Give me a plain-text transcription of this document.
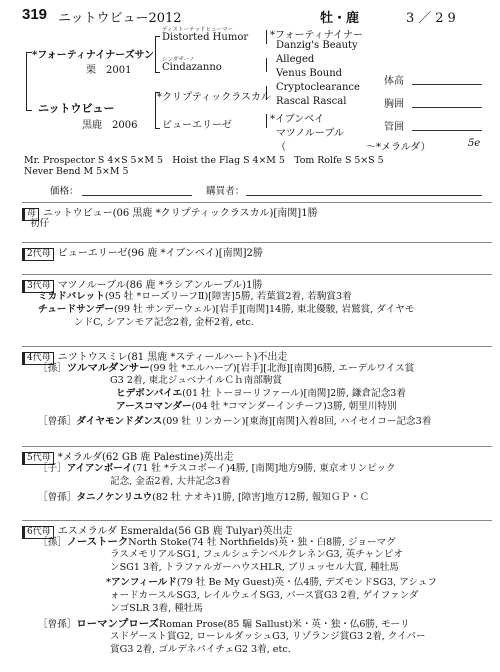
319 ニットウビュー2012	牡・鹿	3／29
*フォーティナイナーズサン
栗　2001
ニットウビュー
黒鹿　2006
ディストーテッドヒューマー
Distorted Humor
シンダザーノ
Cindazanno
*クリプティックラスカル
ビューエリーゼ
*フォーティナイナー
Danzig's Beauty
Alleged
Venus Bound
Cryptoclearance
Rascal Rascal
*イブンベイ
マツノルーブル
（　　　　　　　　～*メラルダ）	5e
体高
胸囲
管囲
Mr. Prospector S 4×S 5×M 5　Hoist the Flag S 4×M 5　Tom Rolfe S 5×S 5
Never Bend M 5×M 5
価格：	購買者：
母 ニットウビュー(06 黒鹿 *クリプティックラスカル)[南関]1勝
初仔
2代母 ビューエリーゼ(96 鹿 *イブンベイ)[南関]2勝
3代母 マツノルーブル(86 鹿 *ラシアンルーブル)1勝
ミカドバレット(95 牡 *ローズリーフⅡ)[障害]5勝, 若葉賞2着, 若駒賞3着
チュードサンデー(99 牡 サンデーウェル)[岩手][南関]14勝, 東北優駿, 岩鷲賞, ダイヤモ
ンドC, シアンモア記念2着, 金杯2着, etc.
4代母 ニツトウスミレ(81 黒鹿 *スティールハート)不出走
［孫］ツルマルダンサー(99 牡 *エルハーブ)[岩手][北海][南関]6勝, エーデルワイス賞
G3 2着, 東北ジュベナイルＣｈ南部駒賞
ヒデボンバイエ(01 牡 トーヨーリファール)[南関]2勝, 鎌倉記念3着
アースコマンダー(04 牡 *コマンダーインチーフ)3勝, 朝里川特別
［曾孫］ダイヤモンドダンス(09 牡 リンカーン)[東海][南関]入着8回, ハイセイコー記念3着
5代母 *メラルダ(62 GB 鹿 Palestine)英出走
［子］アイアンボーイ(71 牡 *テスコボーイ)4勝, [南関]地方9勝, 東京オリンピック
記念, 金盃2着, 大井記念3着
［曾孫］タニノケンリユウ(82 牡 ナオキ)1勝, [障害]地方12勝, 報知ＧＰ・Ｃ
6代母 エスメラルダ Esmeralda(56 GB 鹿 Tulyar)英出走
［孫］ノーストークNorth Stoke(74 牡 Northfields)英・独・白8勝, ジョーマグ
ラスメモリアルSG1, フュルシュテンベルクレネンG3, 英チャンピオ
ンSG1 3着, トラファルガーハウスHLR, ブリュッセル大賞, 種牡馬
*アンフィールド(79 牡 Be My Guest)英・仏4勝, デズモンドSG3, アシュフ
ォードカースルSG3, レイルウェイSG3, パース賞G3 2着, ゲイファンダ
ンゴSLR 3着, 種牡馬
［曾孫］ローマンプローズRoman Prose(85 騸 Sallust)米・英・独・仏6勝, モーリ
スドゲースト賞G2, ローレルダッシュG3, リゾランジ賞G3 2着, クイパー
賞G3 2着, ゴルデネパイチェG2 3着, etc.
